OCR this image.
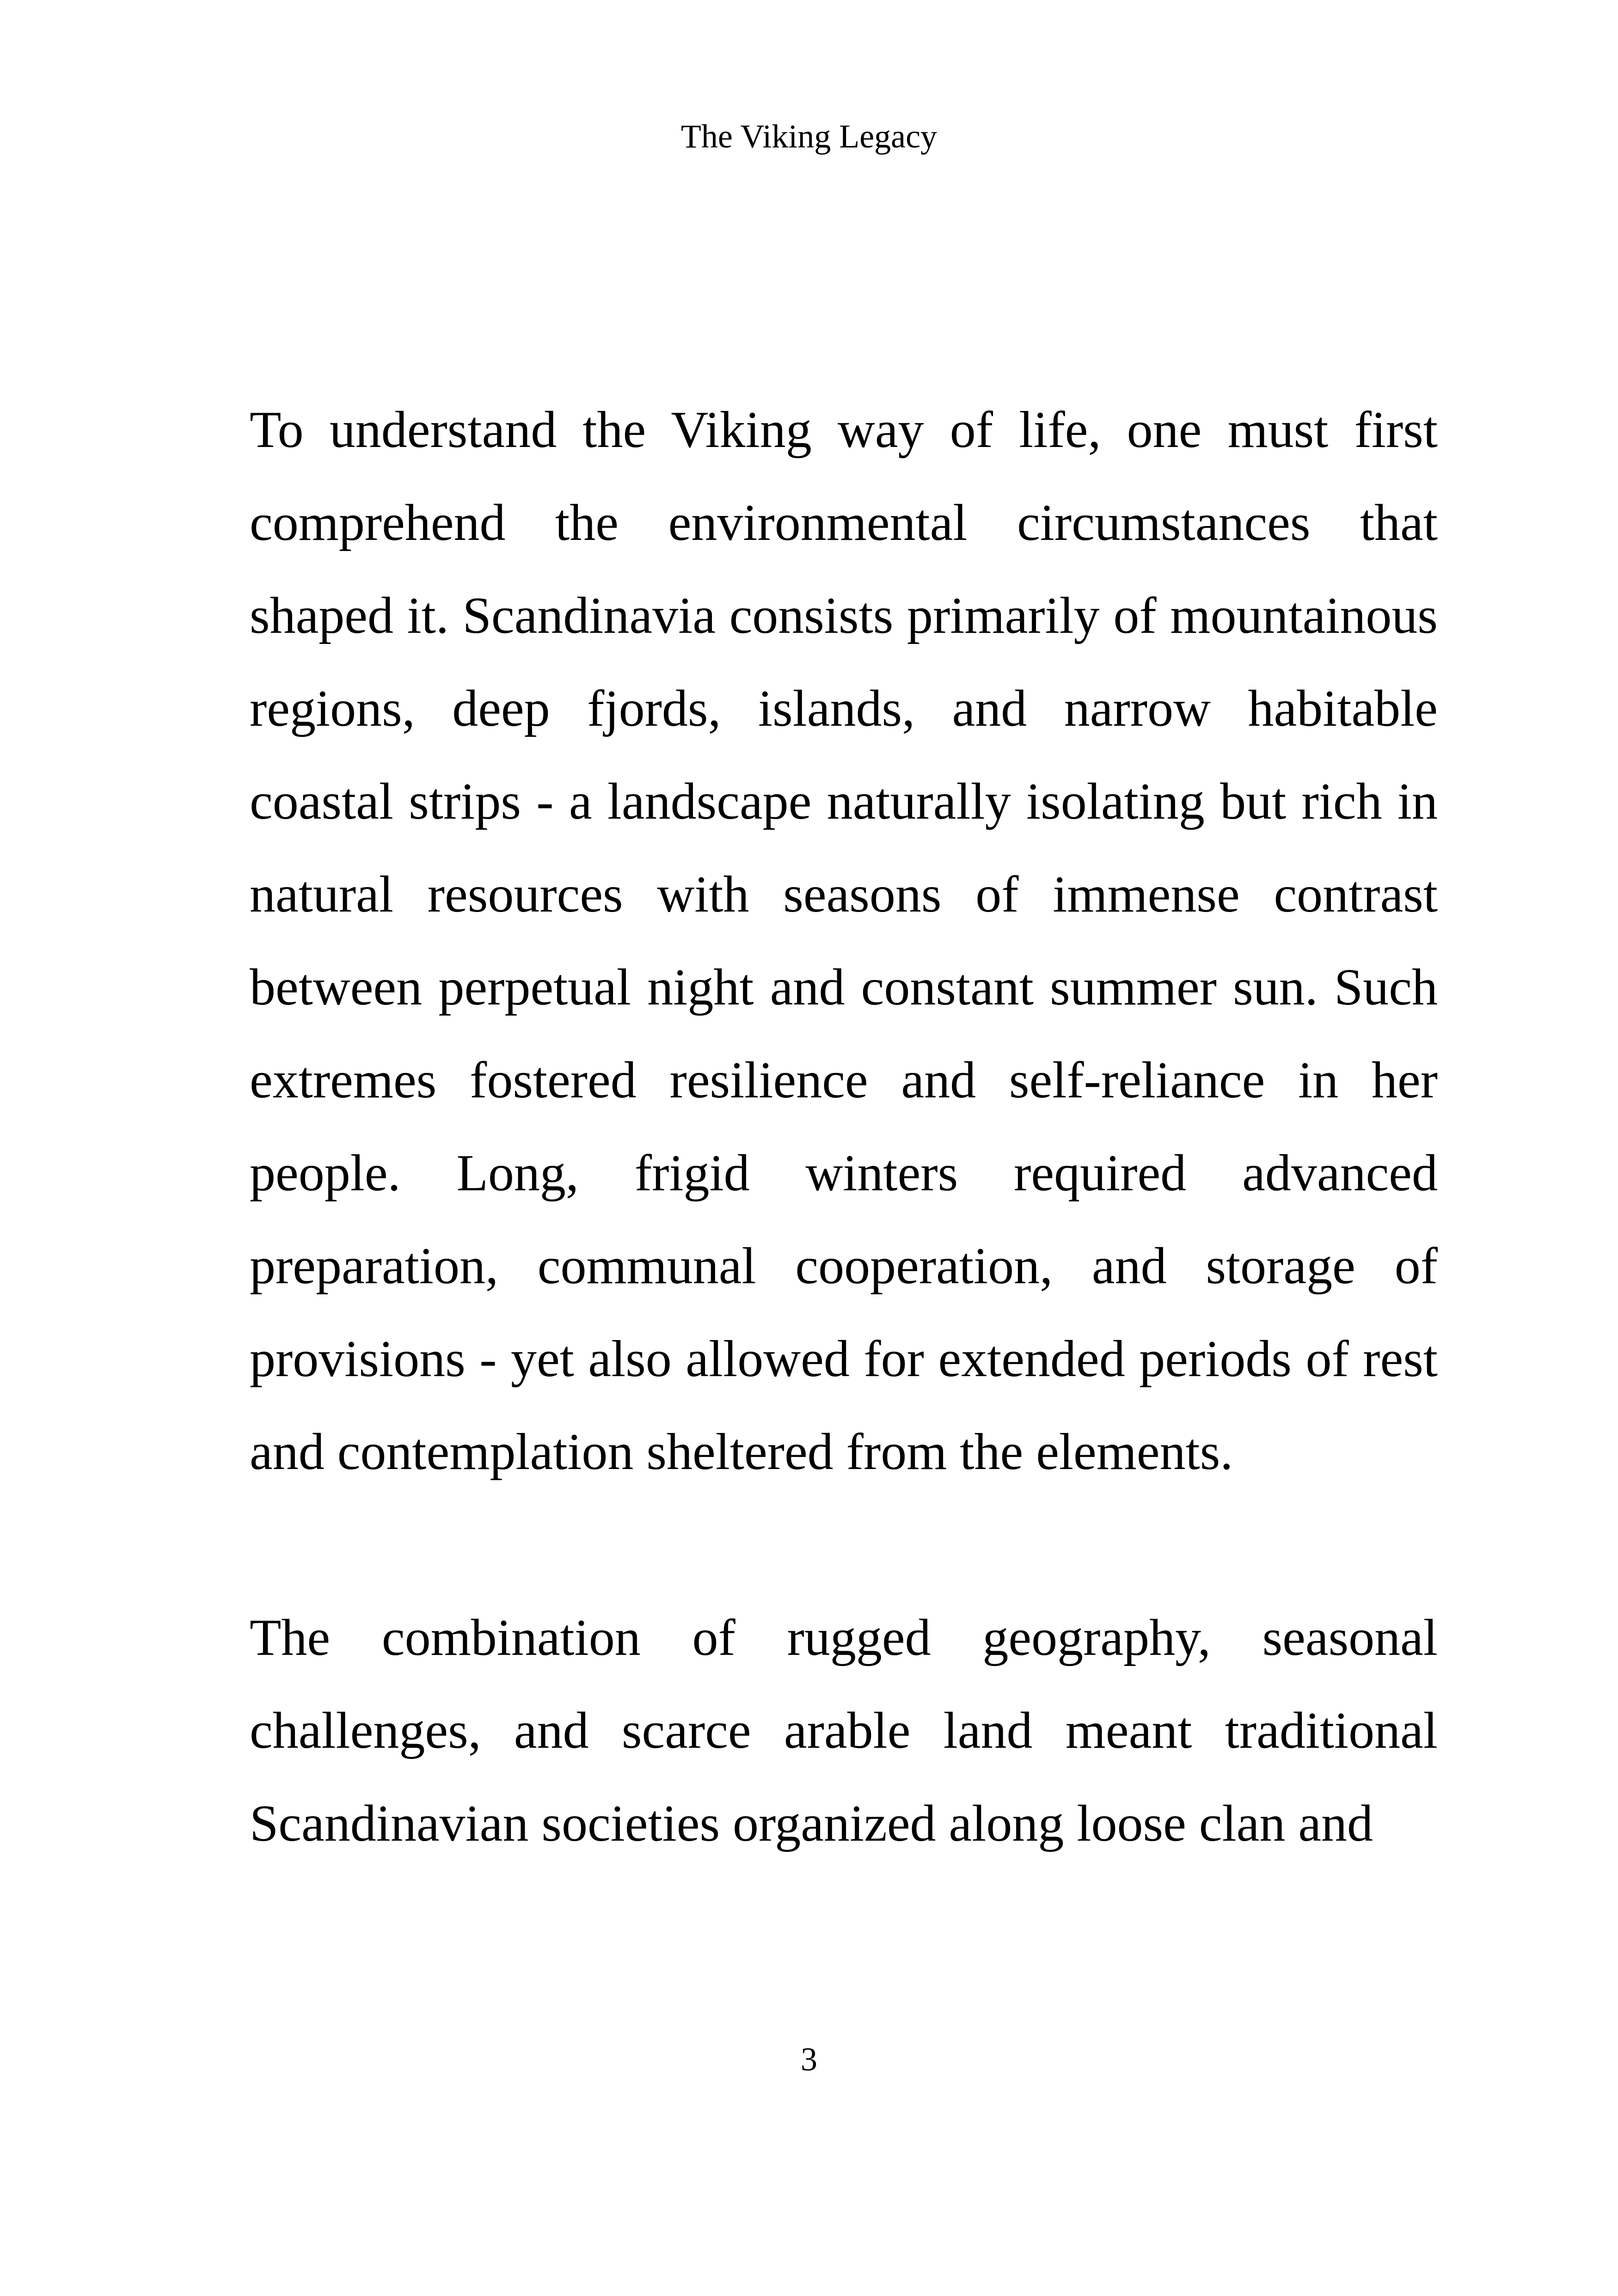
The Viking Legacy

To understand the Viking way of life, one must first comprehend the environmental circumstances that shaped it. Scandinavia consists primarily of mountainous regions, deep fjords, islands, and narrow habitable coastal strips - a landscape naturally isolating but rich in natural resources with seasons of immense contrast between perpetual night and constant summer sun. Such extremes fostered resilience and self-reliance in her people. Long, frigid winters required advanced preparation, communal cooperation, and storage of provisions - yet also allowed for extended periods of rest and contemplation sheltered from the elements.

The combination of rugged geography, seasonal challenges, and scarce arable land meant traditional Scandinavian societies organized along loose clan and

3
